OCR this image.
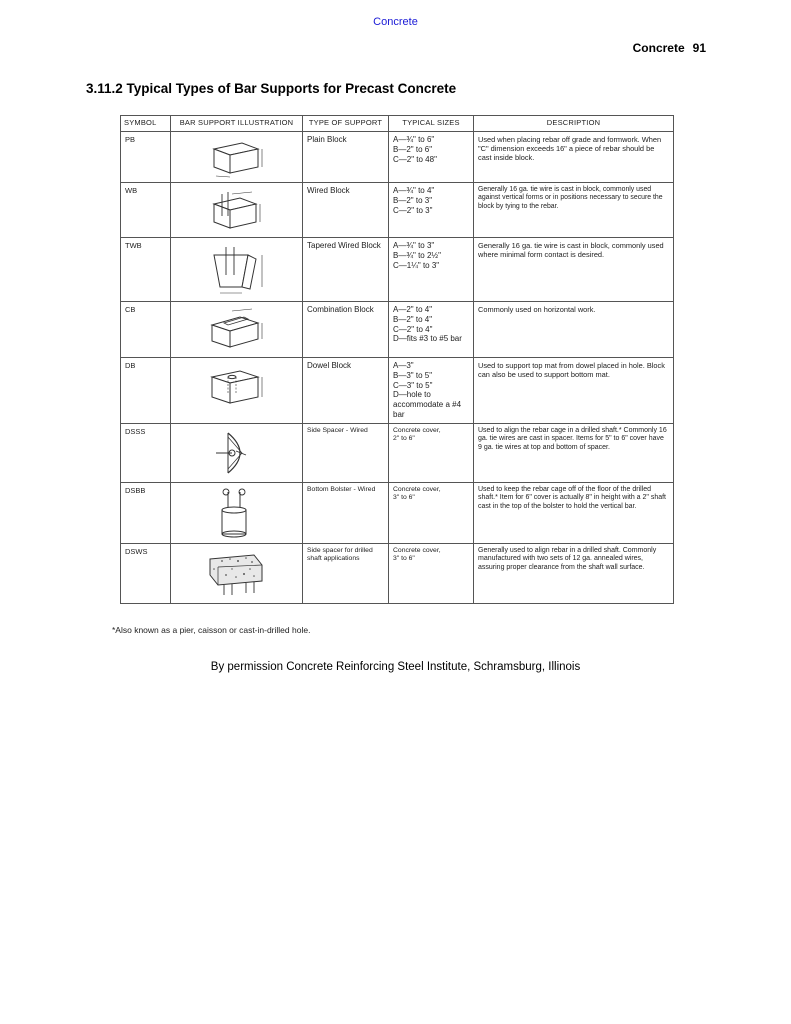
Concrete
Concrete 91
3.11.2 Typical Types of Bar Supports for Precast Concrete
SYMBOL	BAR SUPPORT ILLUSTRATION	TYPE OF SUPPORT	TYPICAL SIZES	DESCRIPTION
PB		Plain Block	A—¾" to 6"
B—2" to 6"
C—2" to 48"	Used when placing rebar off grade and formwork. When "C" dimension exceeds 16" a piece of rebar should be cast inside block.
WB		Wired Block	A—¾" to 4"
B—2" to 3"
C—2" to 3"	Generally 16 ga. tie wire is cast in block, commonly used against vertical forms or in positions necessary to secure the block by tying to the rebar.
TWB		Tapered Wired Block	A—¾" to 3"
B—¾" to 2½"
C—1¼" to 3"	Generally 16 ga. tie wire is cast in block, commonly used where minimal form contact is desired.
CB		Combination Block	A—2" to 4"
B—2" to 4"
C—2" to 4"
D—fits #3 to #5 bar	Commonly used on horizontal work.
DB		Dowel Block	A—3"
B—3" to 5"
C—3" to 5"
D—hole to accommodate a #4 bar	Used to support top mat from dowel placed in hole. Block can also be used to support bottom mat.
DSSS		Side Spacer - Wired	Concrete cover,
2" to 6"	Used to align the rebar cage in a drilled shaft.* Commonly 16 ga. tie wires are cast in spacer. Items for 5" to 6" cover have 9 ga. tie wires at top and bottom of spacer.
DSBB		Bottom Bolster - Wired	Concrete cover,
3" to 6"	Used to keep the rebar cage off of the floor of the drilled shaft.* Item for 6" cover is actually 8" in height with a 2" shaft cast in the top of the bolster to hold the vertical bar.
DSWS		Side spacer for drilled shaft applications	Concrete cover,
3" to 6"	Generally used to align rebar in a drilled shaft. Commonly manufactured with two sets of 12 ga. annealed wires, assuring proper clearance from the shaft wall surface.
*Also known as a pier, caisson or cast-in-drilled hole.
By permission Concrete Reinforcing Steel Institute, Schramsburg, Illinois
